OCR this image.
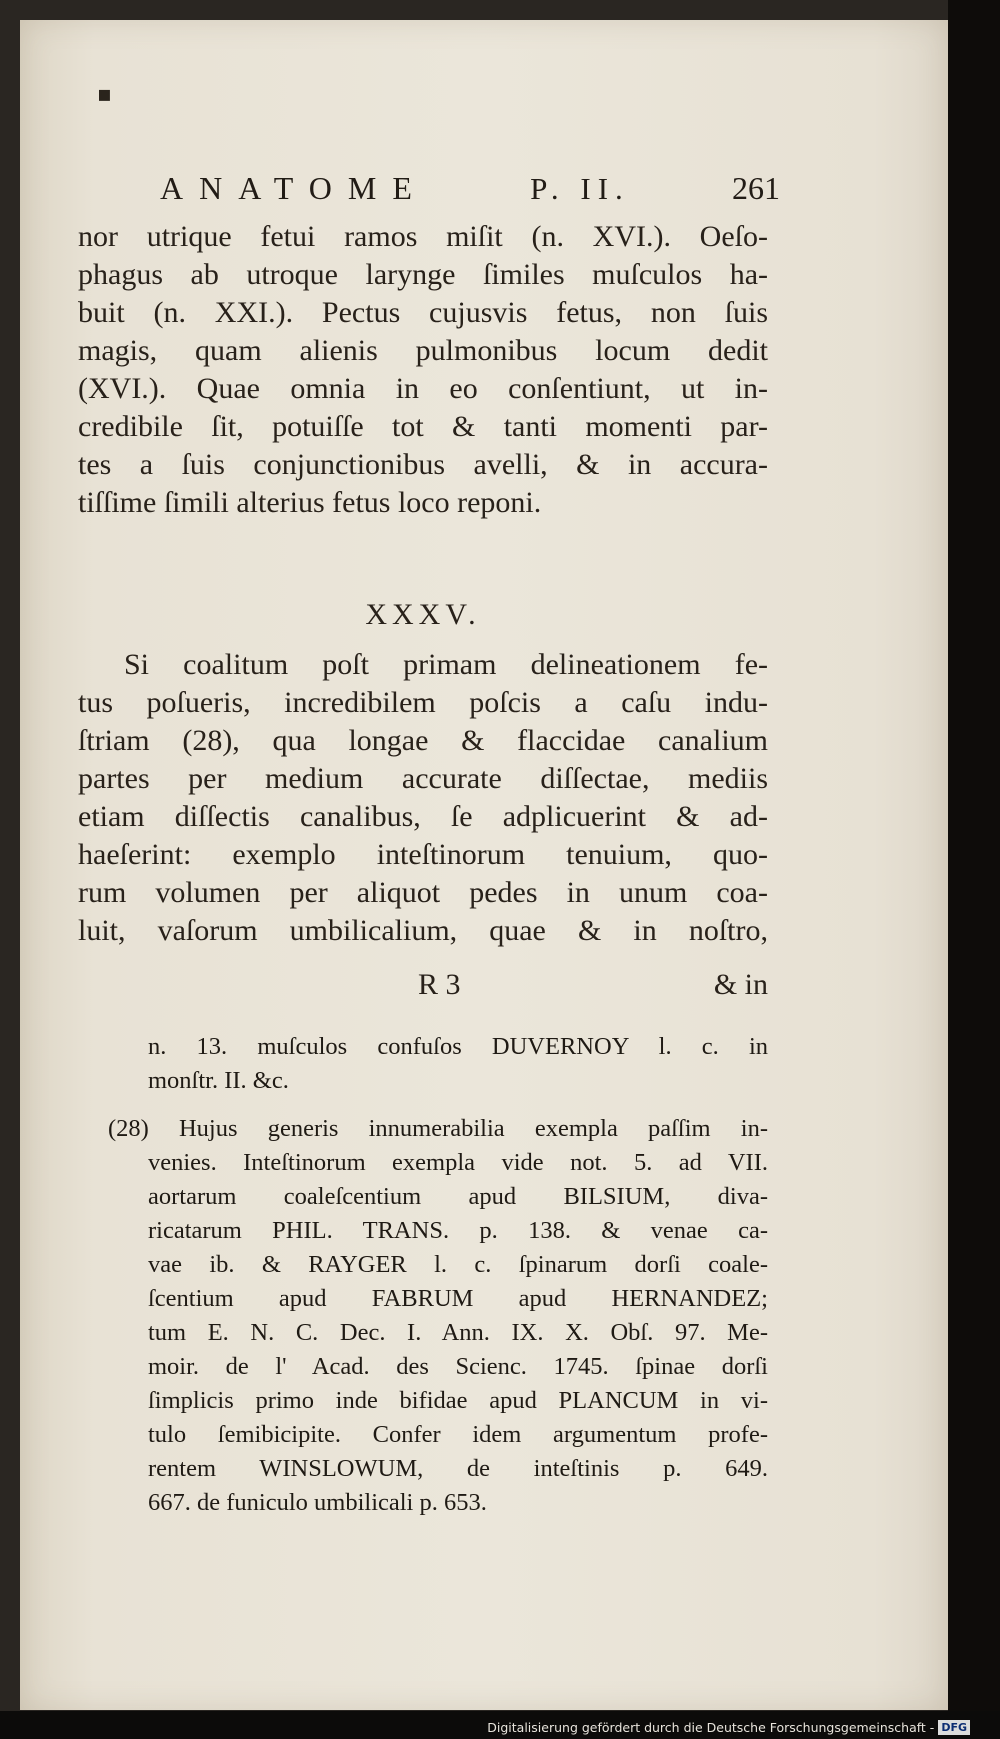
▪
ANATOME	P. II.	261
nor utrique fetui ramos miſit (n. XVI.). Oeſo-
phagus ab utroque larynge ſimiles muſculos ha-
buit (n. XXI.). Pectus cujusvis fetus, non ſuis
magis, quam alienis pulmonibus locum dedit
(XVI.). Quae omnia in eo conſentiunt, ut in-
credibile ſit, potuiſſe tot & tanti momenti par-
tes a ſuis conjunctionibus avelli, & in accura-
tiſſime ſimili alterius fetus loco reponi.
XXXV.
Si coalitum poſt primam delineationem fe-
tus poſueris, incredibilem poſcis a caſu indu-
ſtriam (28), qua longae & flaccidae canalium
partes per medium accurate diſſectae, mediis
etiam diſſectis canalibus, ſe adplicuerint & ad-
haeſerint: exemplo inteſtinorum tenuium, quo-
rum volumen per aliquot pedes in unum coa-
luit, vaſorum umbilicalium, quae & in noſtro,
R 3	& in
n. 13. muſculos confuſos DUVERNOY l. c. in
monſtr. II. &c.
(28) Hujus generis innumerabilia exempla paſſim in-
venies. Inteſtinorum exempla vide not. 5. ad VII.
aortarum coaleſcentium apud BILSIUM, diva-
ricatarum PHIL. TRANS. p. 138. & venae ca-
vae ib. & RAYGER l. c. ſpinarum dorſi coale-
ſcentium apud FABRUM apud HERNANDEZ;
tum E. N. C. Dec. I. Ann. IX. X. Obſ. 97. Me-
moir. de l' Acad. des Scienc. 1745. ſpinae dorſi
ſimplicis primo inde bifidae apud PLANCUM in vi-
tulo ſemibicipite. Confer idem argumentum profe-
rentem WINSLOWUM, de inteſtinis p. 649.
667. de funiculo umbilicali p. 653.
Digitalisierung gefördert durch die Deutsche Forschungsgemeinschaft - DFG
